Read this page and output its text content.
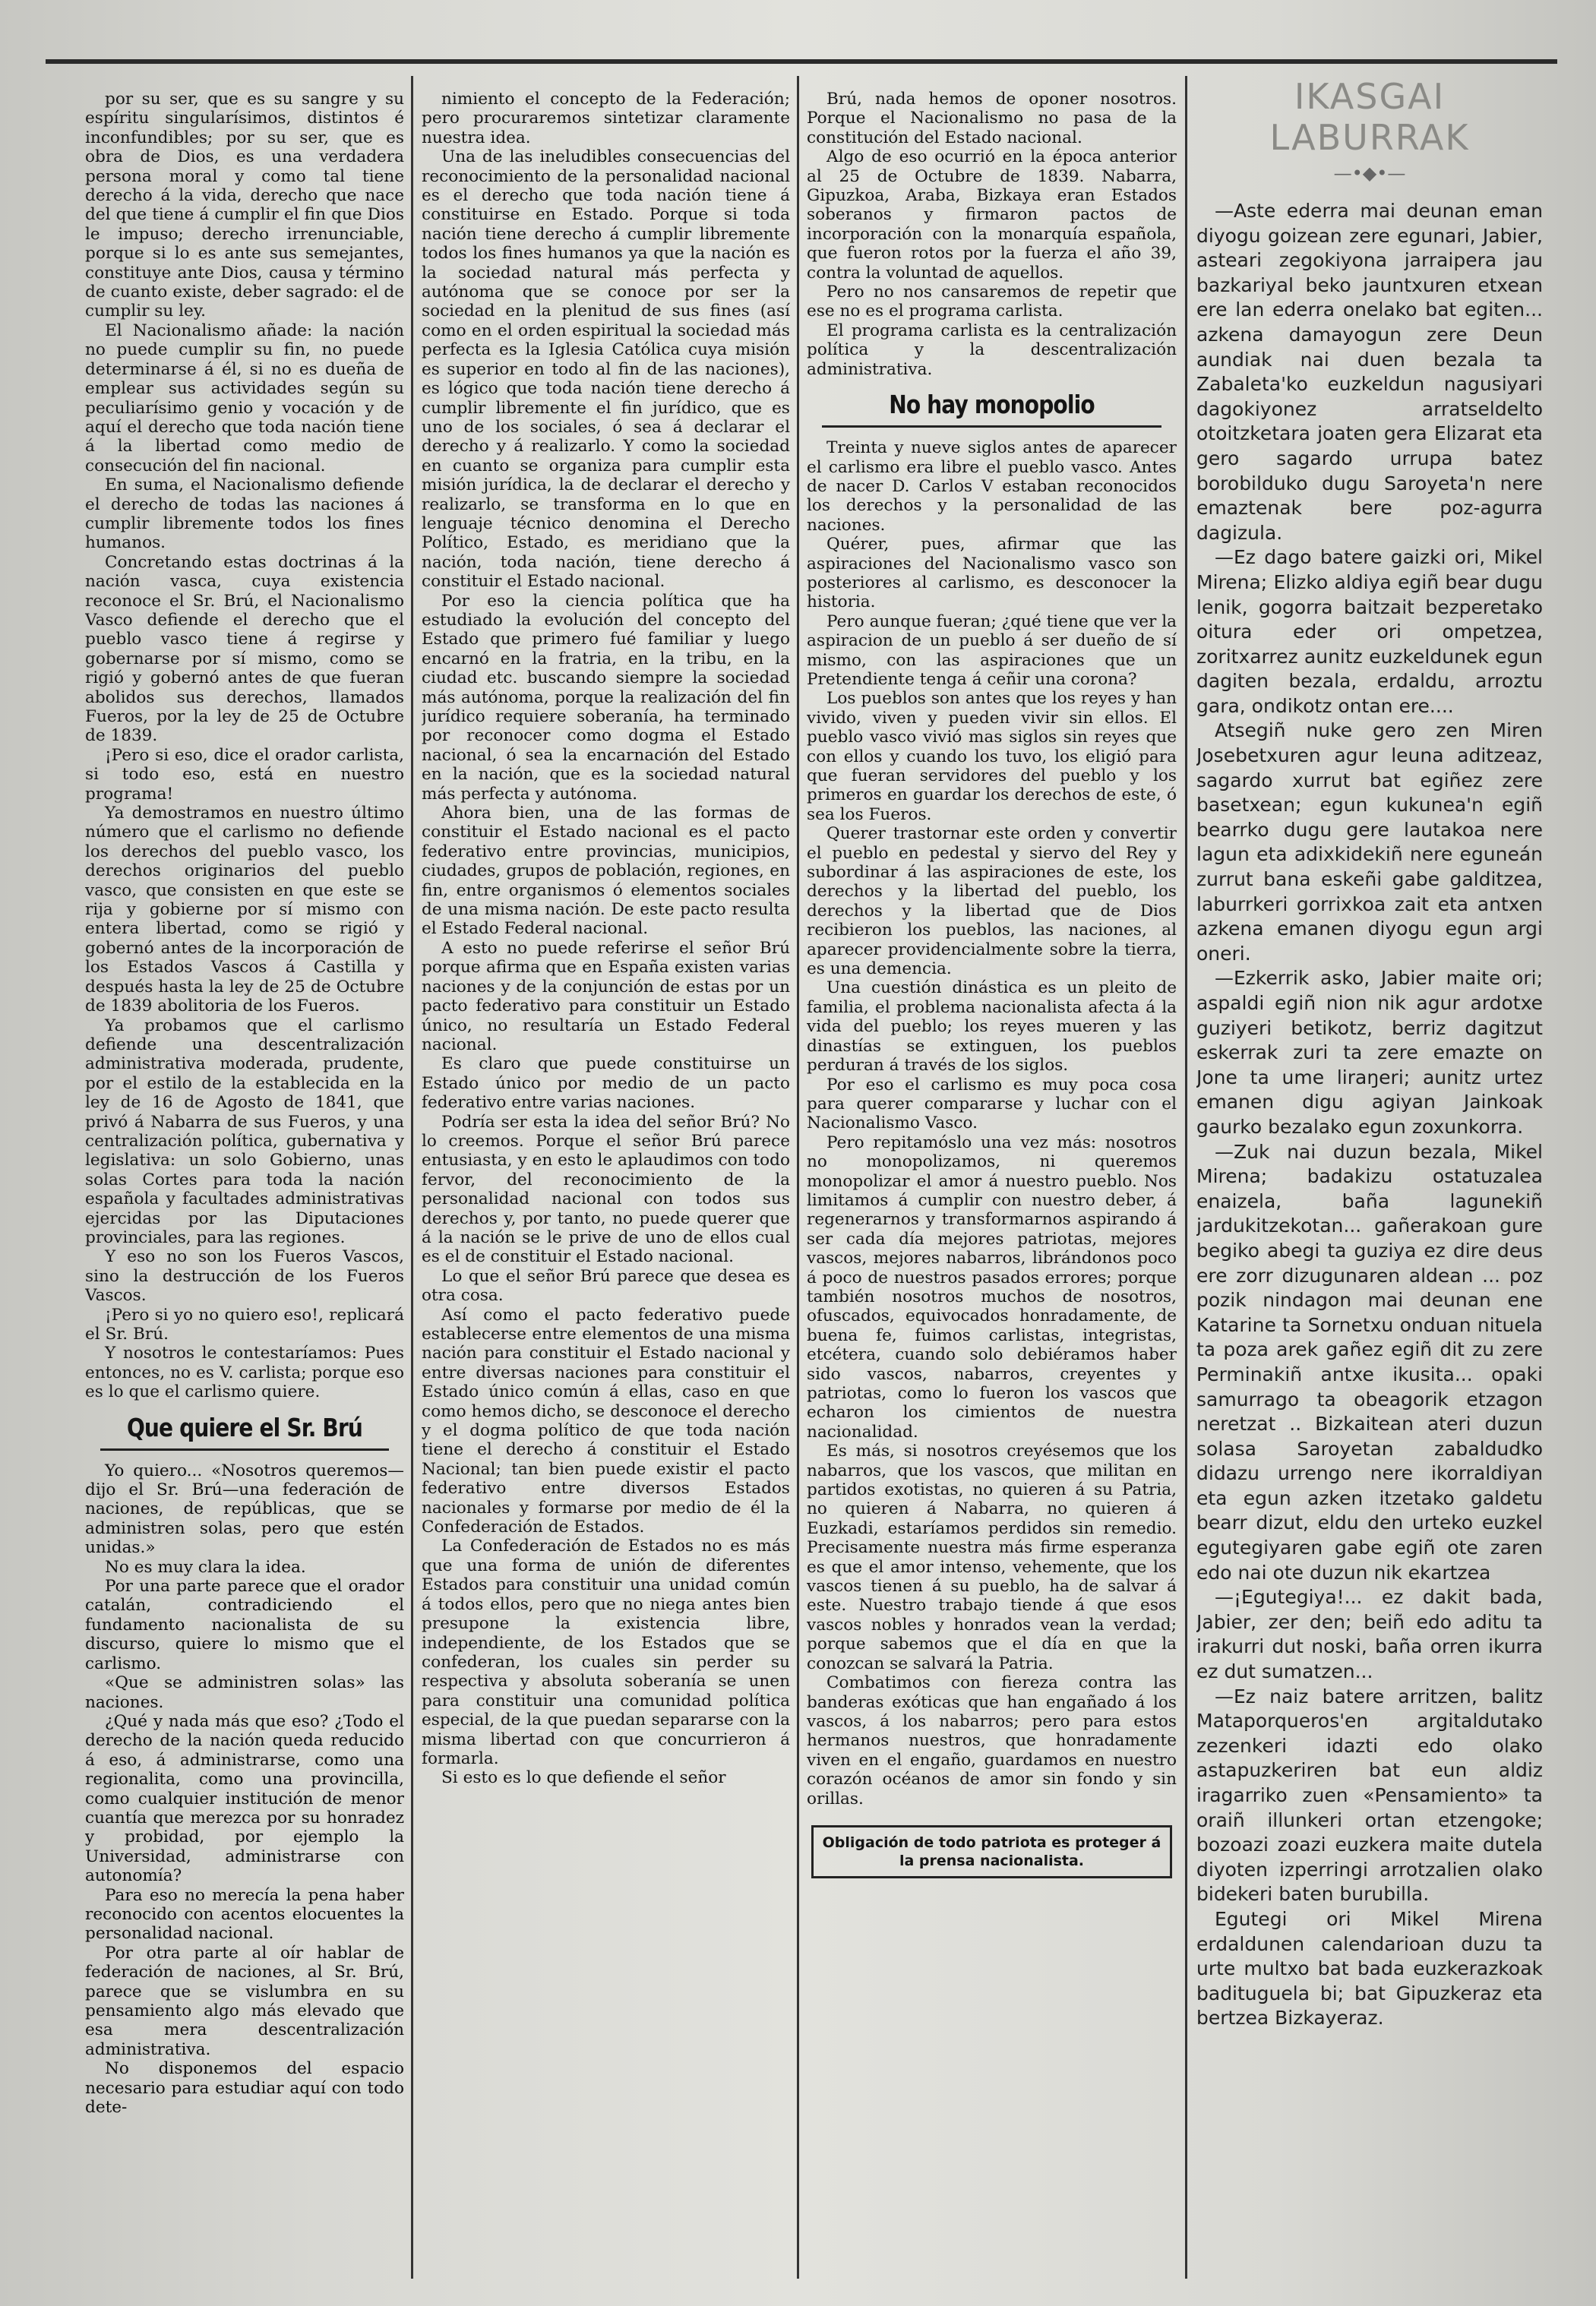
por su ser, que es su sangre y su espíritu singularísimos, distintos é inconfundibles; por su ser, que es obra de Dios, es una verdadera persona moral y como tal tiene derecho á la vida, derecho que nace del que tiene á cumplir el fin que Dios le impuso; derecho irrenunciable, porque si lo es ante sus semejantes, constituye ante Dios, causa y término de cuanto existe, deber sagrado: el de cumplir su ley.

El Nacionalismo añade: la nación no puede cumplir su fin, no puede determinarse á él, si no es dueña de emplear sus actividades según su peculiarísimo genio y vocación y de aquí el derecho que toda nación tiene á la libertad como medio de consecución del fin nacional.

En suma, el Nacionalismo defiende el derecho de todas las naciones á cumplir libremente todos los fines humanos.

Concretando estas doctrinas á la nación vasca, cuya existencia reconoce el Sr. Brú, el Nacionalismo Vasco defiende el derecho que el pueblo vasco tiene á regirse y gobernarse por sí mismo, como se rigió y gobernó antes de que fueran abolidos sus derechos, llamados Fueros, por la ley de 25 de Octubre de 1839.

¡Pero si eso, dice el orador carlista, si todo eso, está en nuestro programa!

Ya demostramos en nuestro último número que el carlismo no defiende los derechos del pueblo vasco, los derechos originarios del pueblo vasco, que consisten en que este se rija y gobierne por sí mismo con entera libertad, como se rigió y gobernó antes de la incorporación de los Estados Vascos á Castilla y después hasta la ley de 25 de Octubre de 1839 abolitoria de los Fueros.

Ya probamos que el carlismo defiende una descentralización administrativa moderada, prudente, por el estilo de la establecida en la ley de 16 de Agosto de 1841, que privó á Nabarra de sus Fueros, y una centralización política, gubernativa y legislativa: un solo Gobierno, unas solas Cortes para toda la nación española y facultades administrativas ejercidas por las Diputaciones provinciales, para las regiones.

Y eso no son los Fueros Vascos, sino la destrucción de los Fueros Vascos.

¡Pero si yo no quiero eso!, replicará el Sr. Brú.

Y nosotros le contestaríamos: Pues entonces, no es V. carlista; porque eso es lo que el carlismo quiere.

Que quiere el Sr. Brú

Yo quiero... «Nosotros queremos— dijo el Sr. Brú—una federación de naciones, de repúblicas, que se administren solas, pero que estén unidas.»

No es muy clara la idea.

Por una parte parece que el orador catalán, contradiciendo el fundamento nacionalista de su discurso, quiere lo mismo que el carlismo.

«Que se administren solas» las naciones.

¿Qué y nada más que eso? ¿Todo el derecho de la nación queda reducido á eso, á administrarse, como una regionalita, como una provincilla, como cualquier institución de menor cuantía que merezca por su honradez y probidad, por ejemplo la Universidad, administrarse con autonomía?

Para eso no merecía la pena haber reconocido con acentos elocuentes la personalidad nacional.

Por otra parte al oír hablar de federación de naciones, al Sr. Brú, parece que se vislumbra en su pensamiento algo más elevado que esa mera descentralización administrativa.

No disponemos del espacio necesario para estudiar aquí con todo dete-

nimiento el concepto de la Federación; pero procuraremos sintetizar claramente nuestra idea.

Una de las ineludibles consecuencias del reconocimiento de la personalidad nacional es el derecho que toda nación tiene á constituirse en Estado. Porque si toda nación tiene derecho á cumplir libremente todos los fines humanos ya que la nación es la sociedad natural más perfecta y autónoma que se conoce por ser la sociedad en la plenitud de sus fines (así como en el orden espiritual la sociedad más perfecta es la Iglesia Católica cuya misión es superior en todo al fin de las naciones), es lógico que toda nación tiene derecho á cumplir libremente el fin jurídico, que es uno de los sociales, ó sea á declarar el derecho y á realizarlo. Y como la sociedad en cuanto se organiza para cumplir esta misión jurídica, la de declarar el derecho y realizarlo, se transforma en lo que en lenguaje técnico denomina el Derecho Político, Estado, es meridiano que la nación, toda nación, tiene derecho á constituir el Estado nacional.

Por eso la ciencia política que ha estudiado la evolución del concepto del Estado que primero fué familiar y luego encarnó en la fratria, en la tribu, en la ciudad etc. buscando siempre la sociedad más autónoma, porque la realización del fin jurídico requiere soberanía, ha terminado por reconocer como dogma el Estado nacional, ó sea la encarnación del Estado en la nación, que es la sociedad natural más perfecta y autónoma.

Ahora bien, una de las formas de constituir el Estado nacional es el pacto federativo entre provincias, municipios, ciudades, grupos de población, regiones, en fin, entre organismos ó elementos sociales de una misma nación. De este pacto resulta el Estado Federal nacional.

A esto no puede referirse el señor Brú porque afirma que en España existen varias naciones y de la conjunción de estas por un pacto federativo para constituir un Estado único, no resultaría un Estado Federal nacional.

Es claro que puede constituirse un Estado único por medio de un pacto federativo entre varias naciones.

Podría ser esta la idea del señor Brú? No lo creemos. Porque el señor Brú parece entusiasta, y en esto le aplaudimos con todo fervor, del reconocimiento de la personalidad nacional con todos sus derechos y, por tanto, no puede querer que á la nación se le prive de uno de ellos cual es el de constituir el Estado nacional.

Lo que el señor Brú parece que desea es otra cosa.

Así como el pacto federativo puede establecerse entre elementos de una misma nación para constituir el Estado nacional y entre diversas naciones para constituir el Estado único común á ellas, caso en que como hemos dicho, se desconoce el derecho y el dogma político de que toda nación tiene el derecho á constituir el Estado Nacional; tan bien puede existir el pacto federativo entre diversos Estados nacionales y formarse por medio de él la Confederación de Estados.

La Confederación de Estados no es más que una forma de unión de diferentes Estados para constituir una unidad común á todos ellos, pero que no niega antes bien presupone la existencia libre, independiente, de los Estados que se confederan, los cuales sin perder su respectiva y absoluta soberanía se unen para constituir una comunidad política especial, de la que puedan separarse con la misma libertad con que concurrieron á formarla.

Si esto es lo que defiende el señor

Brú, nada hemos de oponer nosotros. Porque el Nacionalismo no pasa de la constitución del Estado nacional.

Algo de eso ocurrió en la época anterior al 25 de Octubre de 1839. Nabarra, Gipuzkoa, Araba, Bizkaya eran Estados soberanos y firmaron pactos de incorporación con la monarquía española, que fueron rotos por la fuerza el año 39, contra la voluntad de aquellos.

Pero no nos cansaremos de repetir que ese no es el programa carlista.

El programa carlista es la centralización política y la descentralización administrativa.

No hay monopolio

Treinta y nueve siglos antes de aparecer el carlismo era libre el pueblo vasco. Antes de nacer D. Carlos V estaban reconocidos los derechos y la personalidad de las naciones.

Quérer, pues, afirmar que las aspiraciones del Nacionalismo vasco son posteriores al carlismo, es desconocer la historia.

Pero aunque fueran; ¿qué tiene que ver la aspiracion de un pueblo á ser dueño de sí mismo, con las aspiraciones que un Pretendiente tenga á ceñir una corona?

Los pueblos son antes que los reyes y han vivido, viven y pueden vivir sin ellos. El pueblo vasco vivió mas siglos sin reyes que con ellos y cuando los tuvo, los eligió para que fueran servidores del pueblo y los primeros en guardar los derechos de este, ó sea los Fueros.

Querer trastornar este orden y convertir el pueblo en pedestal y siervo del Rey y subordinar á las aspiraciones de este, los derechos y la libertad del pueblo, los derechos y la libertad que de Dios recibieron los pueblos, las naciones, al aparecer providencialmente sobre la tierra, es una demencia.

Una cuestión dinástica es un pleito de familia, el problema nacionalista afecta á la vida del pueblo; los reyes mueren y las dinastías se extinguen, los pueblos perduran á través de los siglos.

Por eso el carlismo es muy poca cosa para querer compararse y luchar con el Nacionalismo Vasco.

Pero repitamóslo una vez más: nosotros no monopolizamos, ni queremos monopolizar el amor á nuestro pueblo. Nos limitamos á cumplir con nuestro deber, á regenerarnos y transformarnos aspirando á ser cada día mejores patriotas, mejores vascos, mejores nabarros, librándonos poco á poco de nuestros pasados errores; porque también nosotros muchos de nosotros, ofuscados, equivocados honradamente, de buena fe, fuimos carlistas, integristas, etcétera, cuando solo debiéramos haber sido vascos, nabarros, creyentes y patriotas, como lo fueron los vascos que echaron los cimientos de nuestra nacionalidad.

Es más, si nosotros creyésemos que los nabarros, que los vascos, que militan en partidos exotistas, no quieren á su Patria, no quieren á Nabarra, no quieren á Euzkadi, estaríamos perdidos sin remedio. Precisamente nuestra más firme esperanza es que el amor intenso, vehemente, que los vascos tienen á su pueblo, ha de salvar á este. Nuestro trabajo tiende á que esos vascos nobles y honrados vean la verdad; porque sabemos que el día en que la conozcan se salvará la Patria.

Combatimos con fiereza contra las banderas exóticas que han engañado á los vascos, á los nabarros; pero para estos hermanos nuestros, que honradamente viven en el engaño, guardamos en nuestro corazón océanos de amor sin fondo y sin orillas.

Obligación de todo patriota es proteger á la prensa nacionalista.
IKASGAI LABURRAK
—•◆•—

—Aste ederra mai deunan eman diyogu goizean zere egunari, Jabier, asteari zegokiyona jarraipera jau bazkariyal beko jauntxuren etxean ere lan ederra onelako bat egiten... azkena damayogun zere Deun aundiak nai duen bezala ta Zabaleta'ko euzkeldun nagusiyari dagokiyonez arratseldelto otoitzketara joaten gera Elizarat eta gero sagardo urrupa batez borobilduko dugu Saroyeta'n nere emaztenak bere poz-agurra dagizula.

—Ez dago batere gaizki ori, Mikel Mirena; Elizko aldiya egiñ bear dugu lenik, gogorra baitzait bezperetako oitura eder ori ompetzea, zoritxarrez aunitz euzkeldunek egun dagiten bezala, erdaldu, arroztu gara, ondikotz ontan ere....

Atsegiñ nuke gero zen Miren Josebetxuren agur leuna aditzeaz, sagardo xurrut bat egiñez zere basetxean; egun kukunea'n egiñ bearrko dugu gere lautakoa nere lagun eta adixkidekiñ nere eguneán zurrut bana eskeñi gabe galditzea, laburrkeri gorrixkoa zait eta antxen azkena emanen diyogu egun argi oneri.

—Ezkerrik asko, Jabier maite ori; aspaldi egiñ nion nik agur ardotxe guziyeri betikotz, berriz dagitzut eskerrak zuri ta zere emazte on Jone ta ume liraŋeri; aunitz urtez emanen digu agiyan Jainkoak gaurko bezalako egun zoxunkorra.

—Zuk nai duzun bezala, Mikel Mirena; badakizu ostatuzalea enaizela, baña laguneki̇ñ jardukitzekotan... gañerakoan gure begiko abegi ta guziya ez dire deus ere zorr dizugunaren aldean ... poz pozik nindagon mai deunan ene Katarine ta Sornetxu onduan nituela ta poza arek gañez egiñ dit zu zere Perminakiñ antxe ikusita... opaki samurrago ta obeagorik etzagon neretzat .. Bizkaitean ateri duzun solasa Saroyetan zabaldudko didazu urrengo nere ikorraldiyan eta egun azken itzetako galdetu bearr dizut, eldu den urteko euzkel egutegiyaren gabe egiñ ote zaren edo nai ote duzun nik ekartzea

—¡Egutegiya!... ez dakit bada, Jabier, zer den; beiñ edo aditu ta irakurri dut noski, baña orren ikurra ez dut sumatzen...

—Ez naiz batere arritzen, balitz Mataporqueros'en argitaldutako zezenkeri idazti edo olako astapuzkeriren bat eun aldiz iragarriko zuen «Pensamiento» ta oraiñ illunkeri ortan etzengoke; bozoazi zoazi euzkera maite dutela diyoten izperringi arrotzalien olako bidekeri baten burubilla.

Egutegi ori Mikel Mirena erdaldunen calendarioan duzu ta urte multxo bat bada euzkerazkoak badituguela bi; bat Gipuzkeraz eta bertzea Bizkayeraz.
